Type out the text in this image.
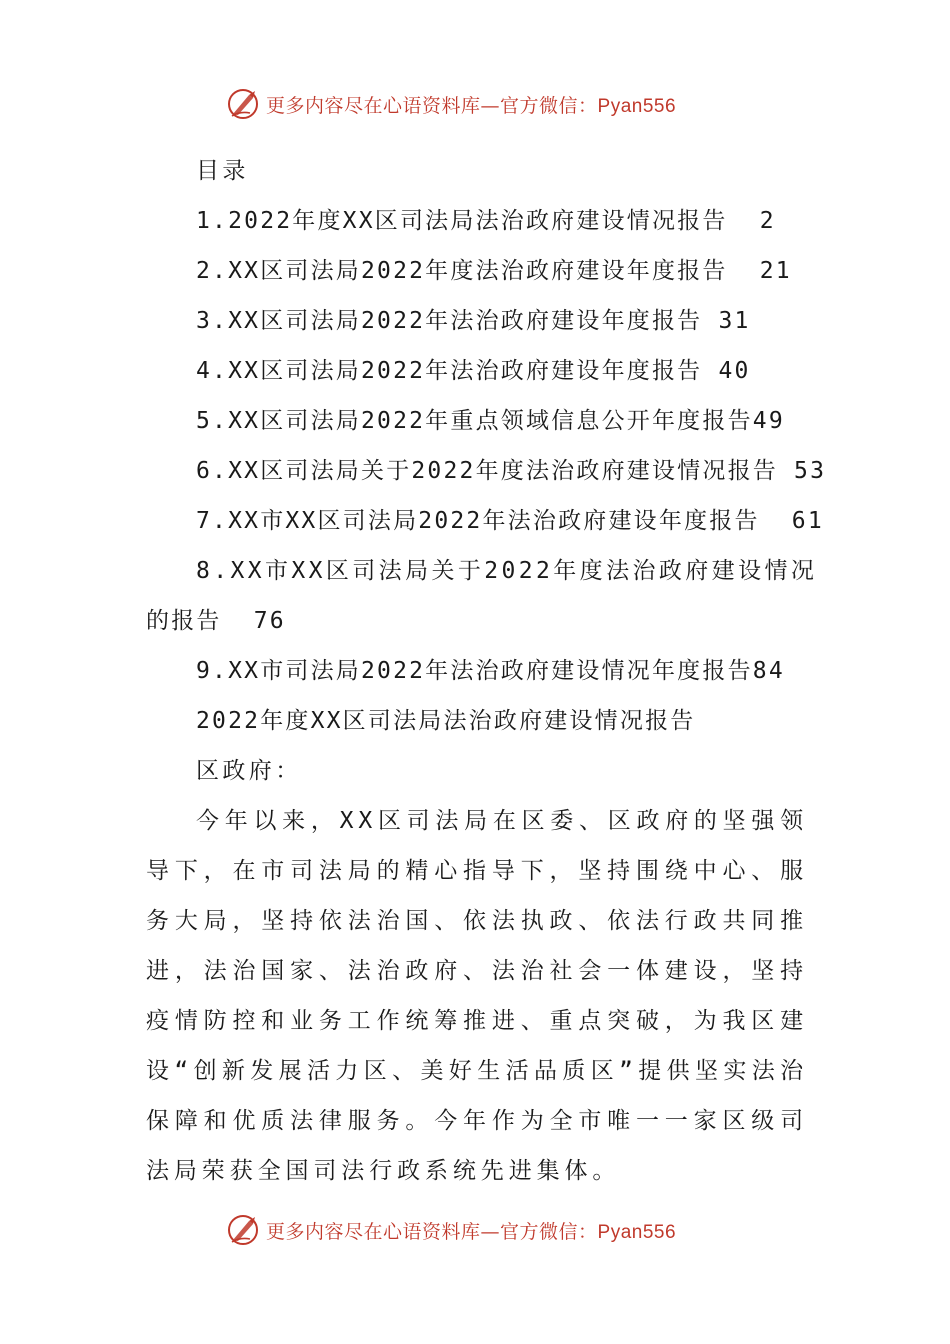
更多内容尽在心语资料库—官方微信：Pyan556
目录
1.2022年度XX区司法局法治政府建设情况报告 2
2.XX区司法局2022年度法治政府建设年度报告 21
3.XX区司法局2022年法治政府建设年度报告 31
4.XX区司法局2022年法治政府建设年度报告 40
5.XX区司法局2022年重点领域信息公开年度报告49
6.XX区司法局关于2022年度法治政府建设情况报告 53
7.XX市XX区司法局2022年法治政府建设年度报告 61
8.XX市XX区司法局关于2022年度法治政府建设情况
的报告 76
9.XX市司法局2022年法治政府建设情况年度报告84
2022年度XX区司法局法治政府建设情况报告
区政府：

今年以来，XX区司法局在区委、区政府的坚强领导下，在市司法局的精心指导下，坚持围绕中心、服务大局，坚持依法治国、依法执政、依法行政共同推进，法治国家、法治政府、法治社会一体建设，坚持疫情防控和业务工作统筹推进、重点突破，为我区建设“创新发展活力区、美好生活品质区”提供坚实法治保障和优质法律服务。今年作为全市唯一一家区级司法局荣获全国司法行政系统先进集体。

更多内容尽在心语资料库—官方微信：Pyan556
